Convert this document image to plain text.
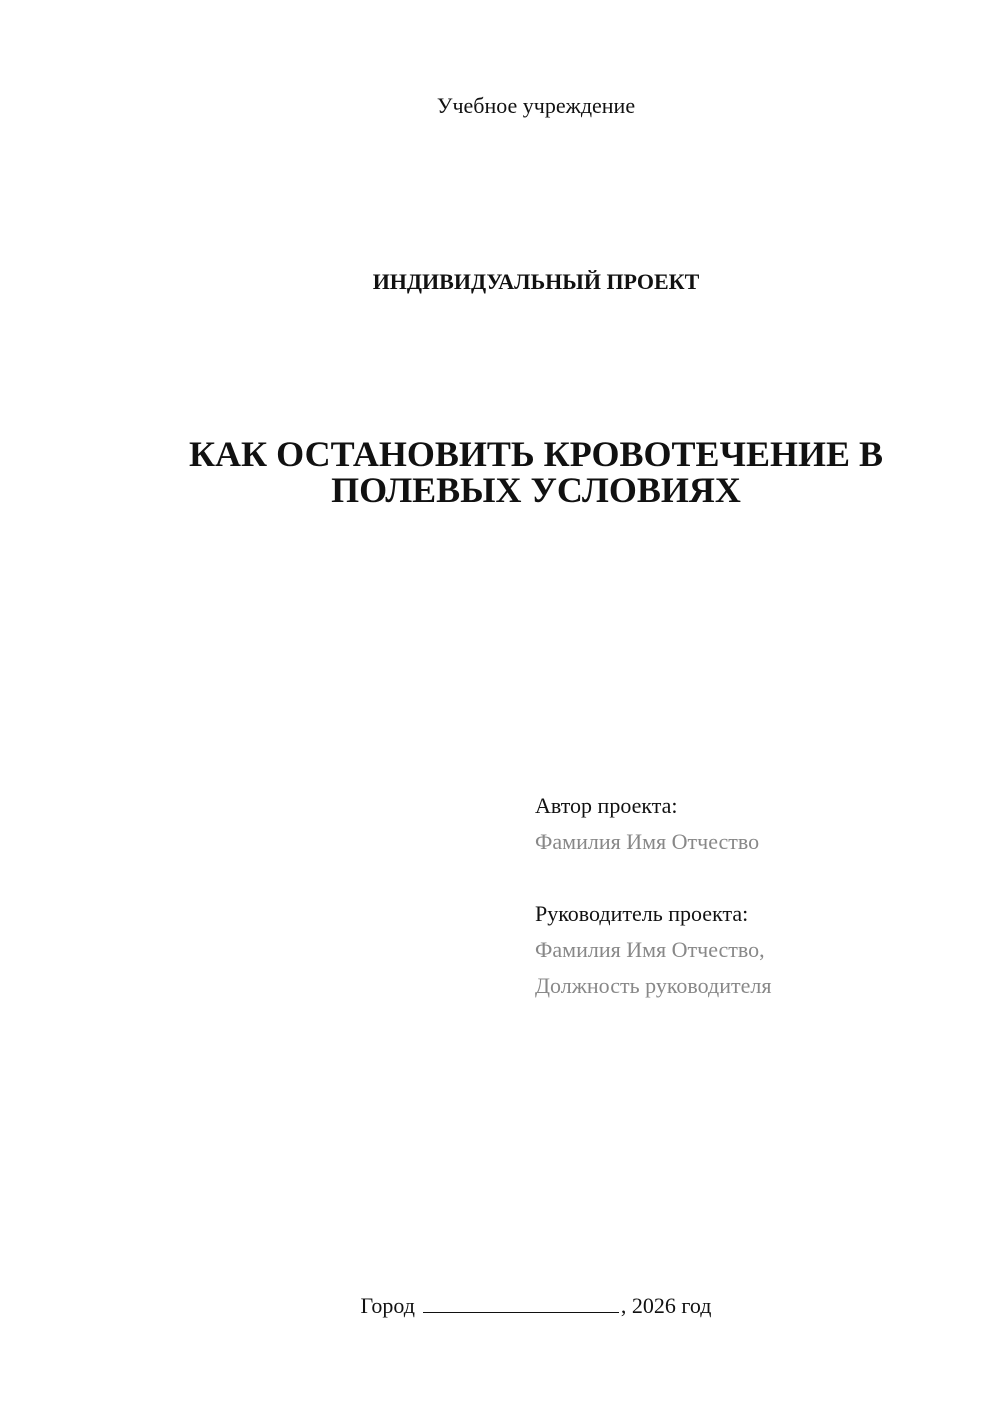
Учебное учреждение
ИНДИВИДУАЛЬНЫЙ ПРОЕКТ
КАК ОСТАНОВИТЬ КРОВОТЕЧЕНИЕ В
ПОЛЕВЫХ УСЛОВИЯХ
Автор проекта:
Фамилия Имя Отчество
Руководитель проекта:
Фамилия Имя Отчество,
Должность руководителя
Город	, 2026 год
